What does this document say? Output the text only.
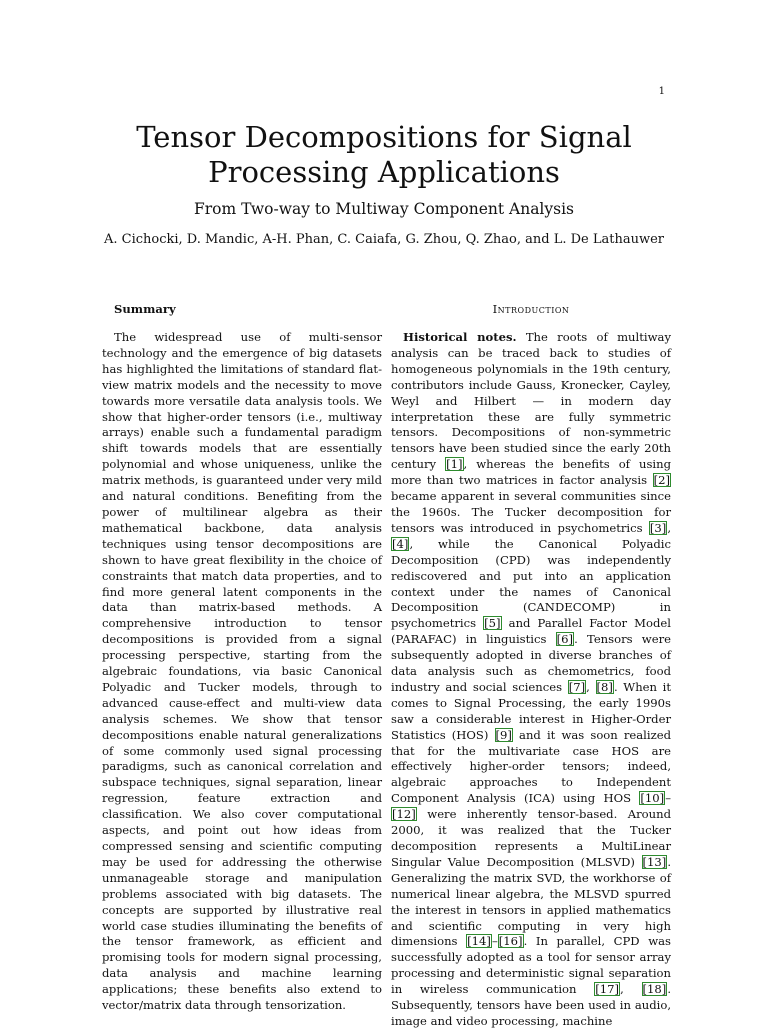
1
Tensor Decompositions for Signal Processing Applications

From Two-way to Multiway Component Analysis

A. Cichocki, D. Mandic, A-H. Phan, C. Caiafa, G. Zhou, Q. Zhao, and L. De Lathauwer

Summary

The widespread use of multi-sensor technology and the emergence of big datasets has highlighted the limitations of standard flat-view matrix models and the necessity to move towards more versatile data analysis tools. We show that higher-order tensors (i.e., multiway arrays) enable such a fundamental paradigm shift towards models that are essentially polynomial and whose uniqueness, unlike the matrix methods, is guaranteed under very mild and natural conditions. Benefiting from the power of multilinear algebra as their mathematical backbone, data analysis techniques using tensor decompositions are shown to have great flexibility in the choice of constraints that match data properties, and to find more general latent components in the data than matrix-based methods. A comprehensive introduction to tensor decompositions is provided from a signal processing perspective, starting from the algebraic foundations, via basic Canonical Polyadic and Tucker models, through to advanced cause-effect and multi-view data analysis schemes. We show that tensor decompositions enable natural generalizations of some commonly used signal processing paradigms, such as canonical correlation and subspace techniques, signal separation, linear regression, feature extraction and classification. We also cover computational aspects, and point out how ideas from compressed sensing and scientific computing may be used for addressing the otherwise unmanageable storage and manipulation problems associated with big datasets. The concepts are supported by illustrative real world case studies illuminating the benefits of the tensor framework, as efficient and promising tools for modern signal processing, data analysis and machine learning applications; these benefits also extend to vector/matrix data through tensorization.

Introduction

Historical notes. The roots of multiway analysis can be traced back to studies of homogeneous polynomials in the 19th century, contributors include Gauss, Kronecker, Cayley, Weyl and Hilbert — in modern day interpretation these are fully symmetric tensors. Decompositions of non-symmetric tensors have been studied since the early 20th century [1], whereas the benefits of using more than two matrices in factor analysis [2] became apparent in several communities since the 1960s. The Tucker decomposition for tensors was introduced in psychometrics [3], [4], while the Canonical Polyadic Decomposition (CPD) was independently rediscovered and put into an application context under the names of Canonical Decomposition (CANDECOMP) in psychometrics [5] and Parallel Factor Model (PARAFAC) in linguistics [6]. Tensors were subsequently adopted in diverse branches of data analysis such as chemometrics, food industry and social sciences [7], [8]. When it comes to Signal Processing, the early 1990s saw a considerable interest in Higher-Order Statistics (HOS) [9] and it was soon realized that for the multivariate case HOS are effectively higher-order tensors; indeed, algebraic approaches to Independent Component Analysis (ICA) using HOS [10]–[12] were inherently tensor-based. Around 2000, it was realized that the Tucker decomposition represents a MultiLinear Singular Value Decomposition (MLSVD) [13]. Generalizing the matrix SVD, the workhorse of numerical linear algebra, the MLSVD spurred the interest in tensors in applied mathematics and scientific computing in very high dimensions [14]–[16]. In parallel, CPD was successfully adopted as a tool for sensor array processing and deterministic signal separation in wireless communication [17], [18]. Subsequently, tensors have been used in audio, image and video processing, machine
